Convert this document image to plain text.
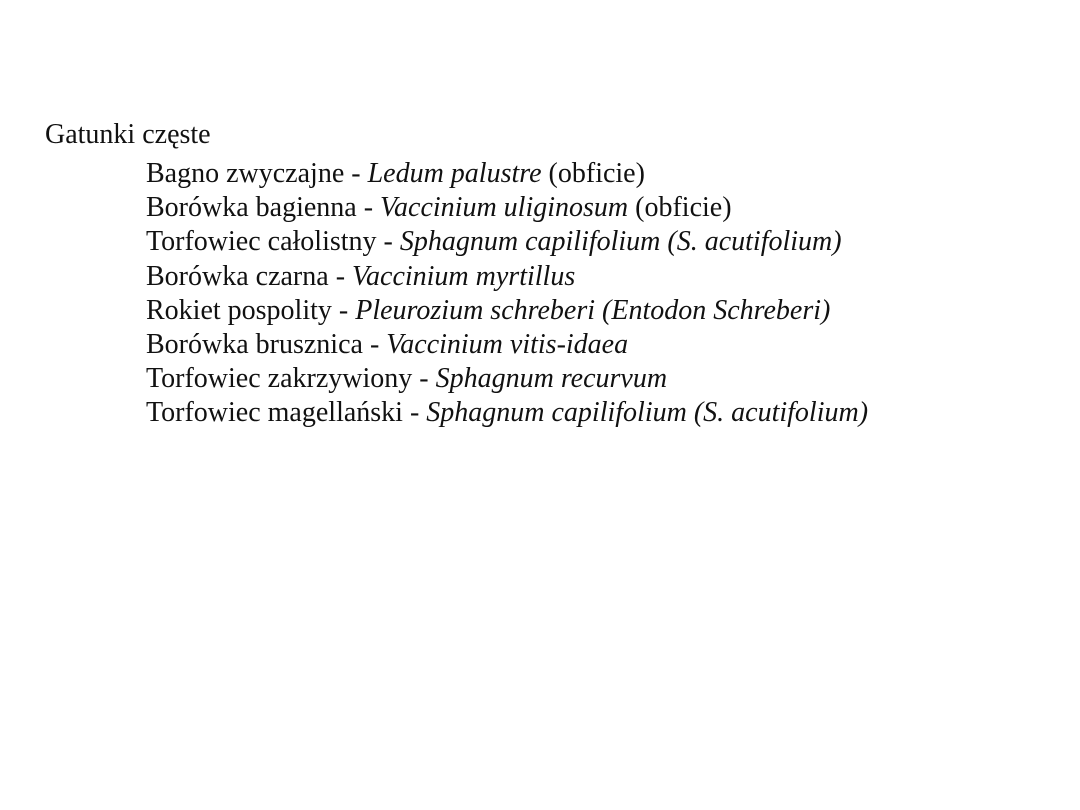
Gatunki częste
Bagno zwyczajne - Ledum palustre (obficie)
Borówka bagienna - Vaccinium uliginosum (obficie)
Torfowiec całolistny - Sphagnum capilifolium (S. acutifolium)
Borówka czarna - Vaccinium myrtillus
Rokiet pospolity - Pleurozium schreberi (Entodon Schreberi)
Borówka brusznica - Vaccinium vitis-idaea
Torfowiec zakrzywiony - Sphagnum recurvum
Torfowiec magellański - Sphagnum capilifolium (S. acutifolium)
